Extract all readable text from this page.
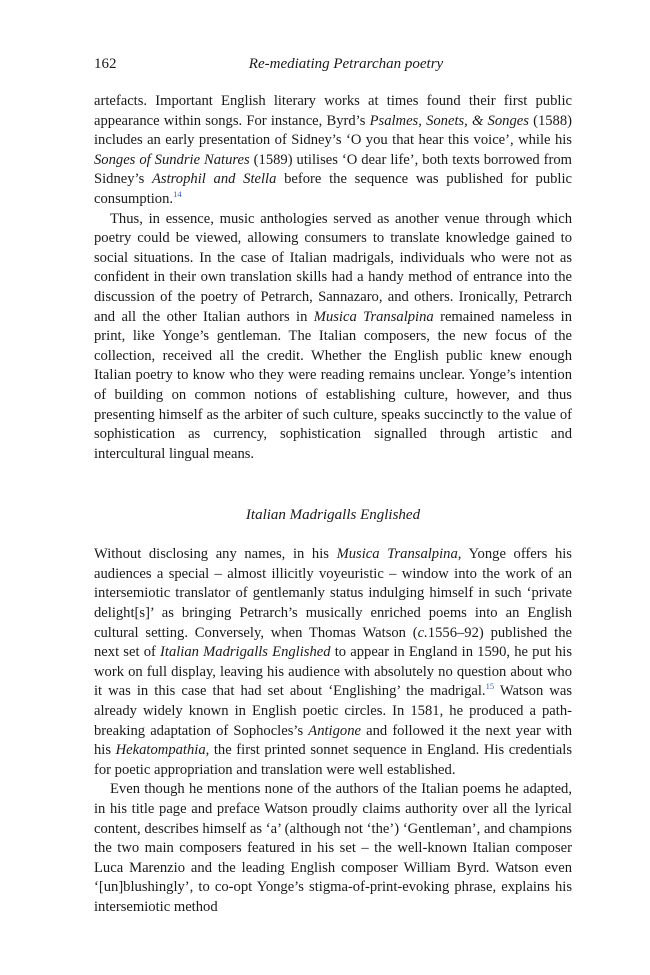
162	Re-mediating Petrarchan poetry

artefacts. Important English literary works at times found their first public appearance within songs. For instance, Byrd’s Psalmes, Sonets, & Songes (1588) includes an early presentation of Sidney’s ‘O you that hear this voice’, while his Songes of Sundrie Natures (1589) utilises ‘O dear life’, both texts borrowed from Sidney’s Astrophil and Stella before the sequence was published for public consumption.$^{14}$

Thus, in essence, music anthologies served as another venue through which poetry could be viewed, allowing consumers to translate knowledge gained to social situations. In the case of Italian madrigals, individuals who were not as confident in their own translation skills had a handy method of entrance into the discussion of the poetry of Petrarch, Sannazaro, and others. Ironically, Petrarch and all the other Italian authors in Musica Transalpina remained nameless in print, like Yonge’s gentleman. The Italian composers, the new focus of the collection, received all the credit. Whether the English public knew enough Italian poetry to know who they were reading remains unclear. Yonge’s intention of building on common notions of establishing culture, however, and thus presenting himself as the arbiter of such culture, speaks succinctly to the value of sophistication as currency, sophistication signalled through artistic and intercultural lingual means.

Italian Madrigalls Englished

Without disclosing any names, in his Musica Transalpina, Yonge offers his audiences a special – almost illicitly voyeuristic – window into the work of an intersemiotic translator of gentlemanly status indulging himself in such ‘private delight[s]’ as bringing Petrarch’s musically enriched poems into an English cultural setting. Conversely, when Thomas Watson (c.1556–92) published the next set of Italian Madrigalls Englished to appear in England in 1590, he put his work on full display, leaving his audience with absolutely no question about who it was in this case that had set about ‘Englishing’ the madrigal.$^{15}$ Watson was already widely known in English poetic circles. In 1581, he produced a path-breaking adaptation of Sophocles’s Antigone and followed it the next year with his Hekatompathia, the first printed sonnet sequence in England. His credentials for poetic appropriation and translation were well established.

Even though he mentions none of the authors of the Italian poems he adapted, in his title page and preface Watson proudly claims authority over all the lyrical content, describes himself as ‘a’ (although not ‘the’) ‘Gentleman’, and champions the two main composers featured in his set – the well-known Italian composer Luca Marenzio and the leading English composer William Byrd. Watson even ‘[un]blushingly’, to co-opt Yonge’s stigma-of-print-evoking phrase, explains his intersemiotic method
